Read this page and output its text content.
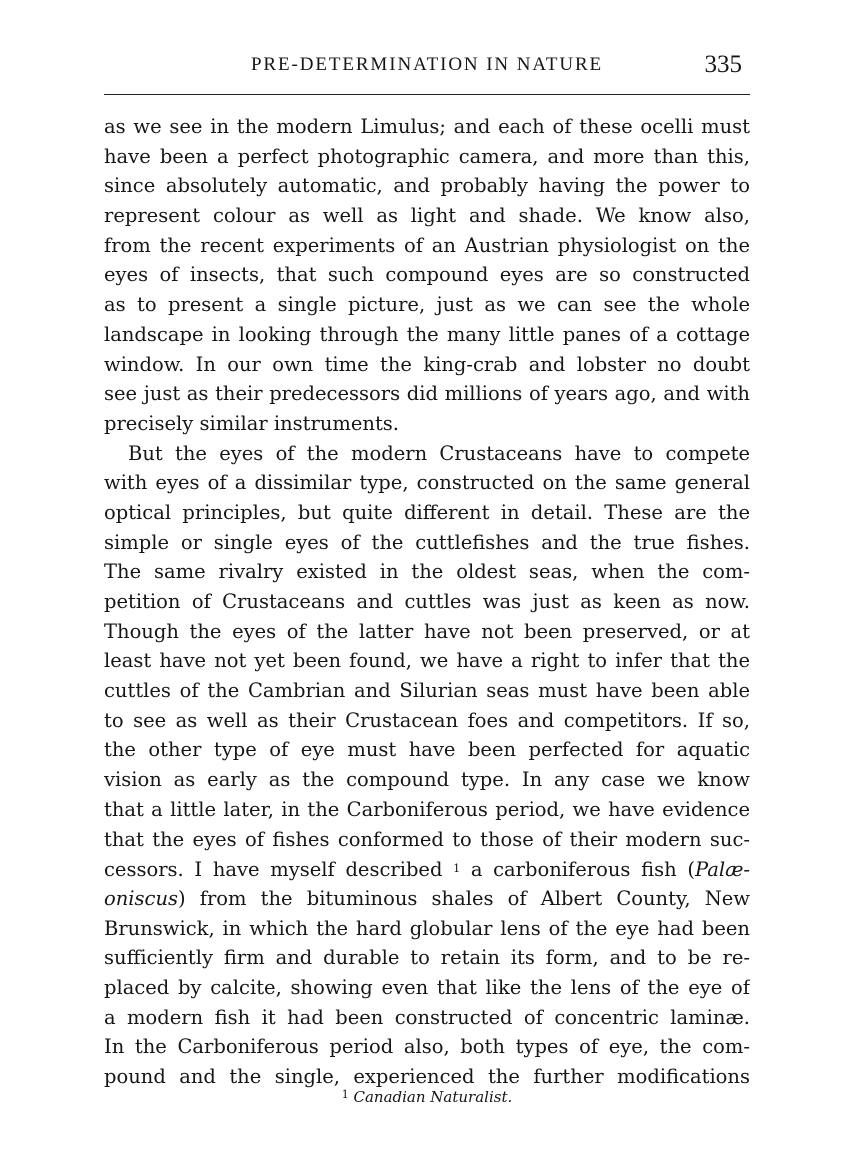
PRE-DETERMINATION IN NATURE	335
as we see in the modern Limulus; and each of these ocelli must
have been a perfect photographic camera, and more than this,
since absolutely automatic, and probably having the power to
represent colour as well as light and shade. We know also,
from the recent experiments of an Austrian physiologist on the
eyes of insects, that such compound eyes are so constructed
as to present a single picture, just as we can see the whole
landscape in looking through the many little panes of a cottage
window. In our own time the king-crab and lobster no doubt
see just as their predecessors did millions of years ago, and with
precisely similar instruments.
But the eyes of the modern Crustaceans have to compete
with eyes of a dissimilar type, constructed on the same general
optical principles, but quite different in detail. These are the
simple or single eyes of the cuttlefishes and the true fishes.
The same rivalry existed in the oldest seas, when the com-
petition of Crustaceans and cuttles was just as keen as now.
Though the eyes of the latter have not been preserved, or at
least have not yet been found, we have a right to infer that the
cuttles of the Cambrian and Silurian seas must have been able
to see as well as their Crustacean foes and competitors. If so,
the other type of eye must have been perfected for aquatic
vision as early as the compound type. In any case we know
that a little later, in the Carboniferous period, we have evidence
that the eyes of fishes conformed to those of their modern suc-
cessors. I have myself described $^1$ a carboniferous fish (Palæ-
oniscus) from the bituminous shales of Albert County, New
Brunswick, in which the hard globular lens of the eye had been
sufficiently firm and durable to retain its form, and to be re-
placed by calcite, showing even that like the lens of the eye of
a modern fish it had been constructed of concentric laminæ.
In the Carboniferous period also, both types of eye, the com-
pound and the single, experienced the further modifications
$^1$ Canadian Naturalist.
